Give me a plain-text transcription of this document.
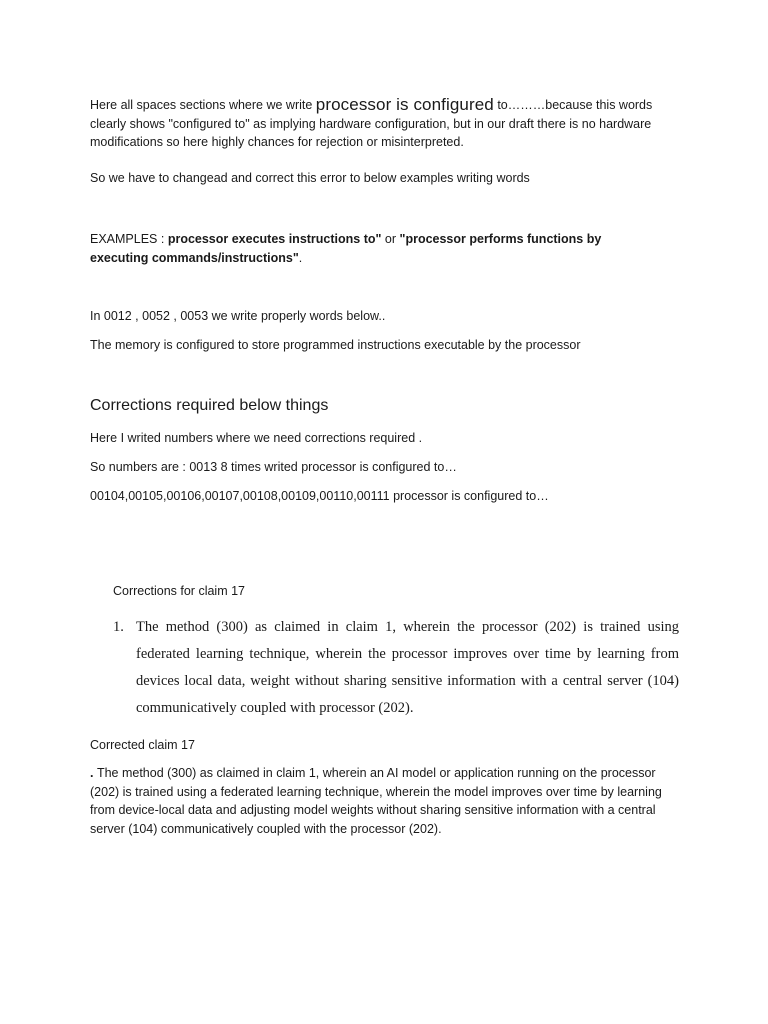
Here all spaces sections where we write processor is configured to………because this words clearly shows "configured to" as implying hardware configuration, but in our draft there is no hardware modifications so here highly chances for rejection or misinterpreted.

So we have to changead and correct this error to below examples writing words

EXAMPLES : processor executes instructions to" or "processor performs functions by executing commands/instructions".

In 0012 , 0052 , 0053 we write properly words below..

The memory is configured to store programmed instructions executable by the processor

Corrections required below things

Here I writed numbers where we need corrections required .

So numbers are : 0013 8 times writed processor is configured to…

00104,00105,00106,00107,00108,00109,00110,00111 processor is configured to…

Corrections for claim 17

1. The method (300) as claimed in claim 1, wherein the processor (202) is trained using federated learning technique, wherein the processor improves over time by learning from devices local data, weight without sharing sensitive information with a central server (104) communicatively coupled with processor (202).

Corrected claim 17

. The method (300) as claimed in claim 1, wherein an AI model or application running on the processor (202) is trained using a federated learning technique, wherein the model improves over time by learning from device-local data and adjusting model weights without sharing sensitive information with a central server (104) communicatively coupled with the processor (202).
